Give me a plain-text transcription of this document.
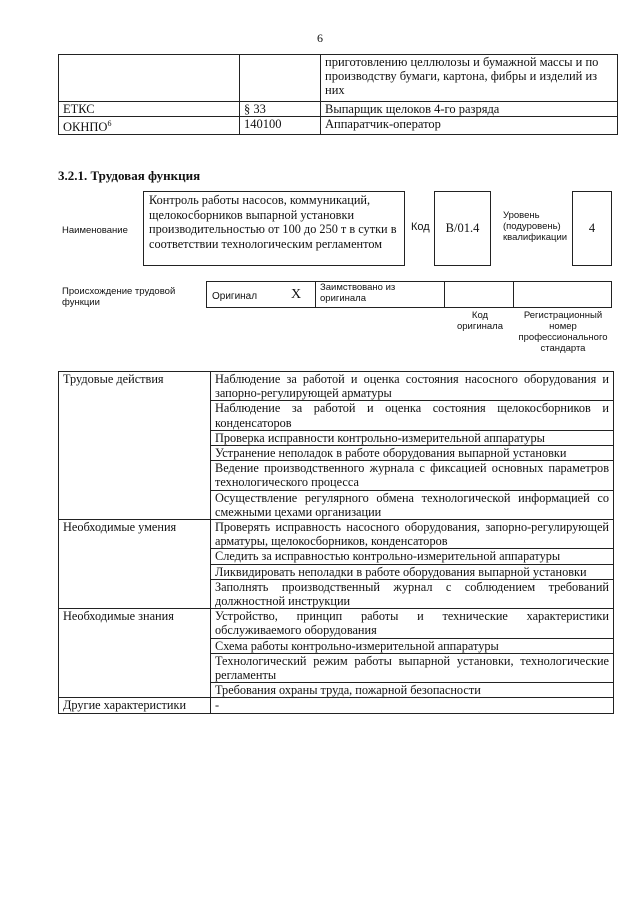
6
		приготовлению целлюлозы и бумажной массы и по производству бумаги, картона, фибры и изделий из них
ЕТКС	§ 33	Выпарщик щелоков 4-го разряда
ОКНПО$^6$	140100	Аппаратчик-оператор
3.2.1. Трудовая функция
Наименование
Контроль работы насосов, коммуникаций, щелокосборников выпарной установки производительностью от 100 до 250 т в сутки в соответствии технологическим регламентом
Код	B/01.4
Уровень (подуровень) квалификации
4
Происхождение трудовой функции
Оригинал X Заимствовано из оригинала
Код оригинала
Регистрационный номер профессионального стандарта
Трудовые действия	Наблюдение за работой и оценка состояния насосного оборудования и запорно-регулирующей арматуры
Наблюдение за работой и оценка состояния щелокосборников и конденсаторов
Проверка исправности контрольно-измерительной аппаратуры
Устранение неполадок в работе оборудования выпарной установки
Ведение производственного журнала с фиксацией основных параметров технологического процесса
Осуществление регулярного обмена технологической информацией со смежными цехами организации
Необходимые умения	Проверять исправность насосного оборудования, запорно-регулирующей арматуры, щелокосборников, конденсаторов
Следить за исправностью контрольно-измерительной аппаратуры
Ликвидировать неполадки в работе оборудования выпарной установки
Заполнять производственный журнал с соблюдением требований должностной инструкции
Необходимые знания	Устройство, принцип работы и технические характеристики обслуживаемого оборудования
Схема работы контрольно-измерительной аппаратуры
Технологический режим работы выпарной установки, технологические регламенты
Требования охраны труда, пожарной безопасности
Другие характеристики	-
